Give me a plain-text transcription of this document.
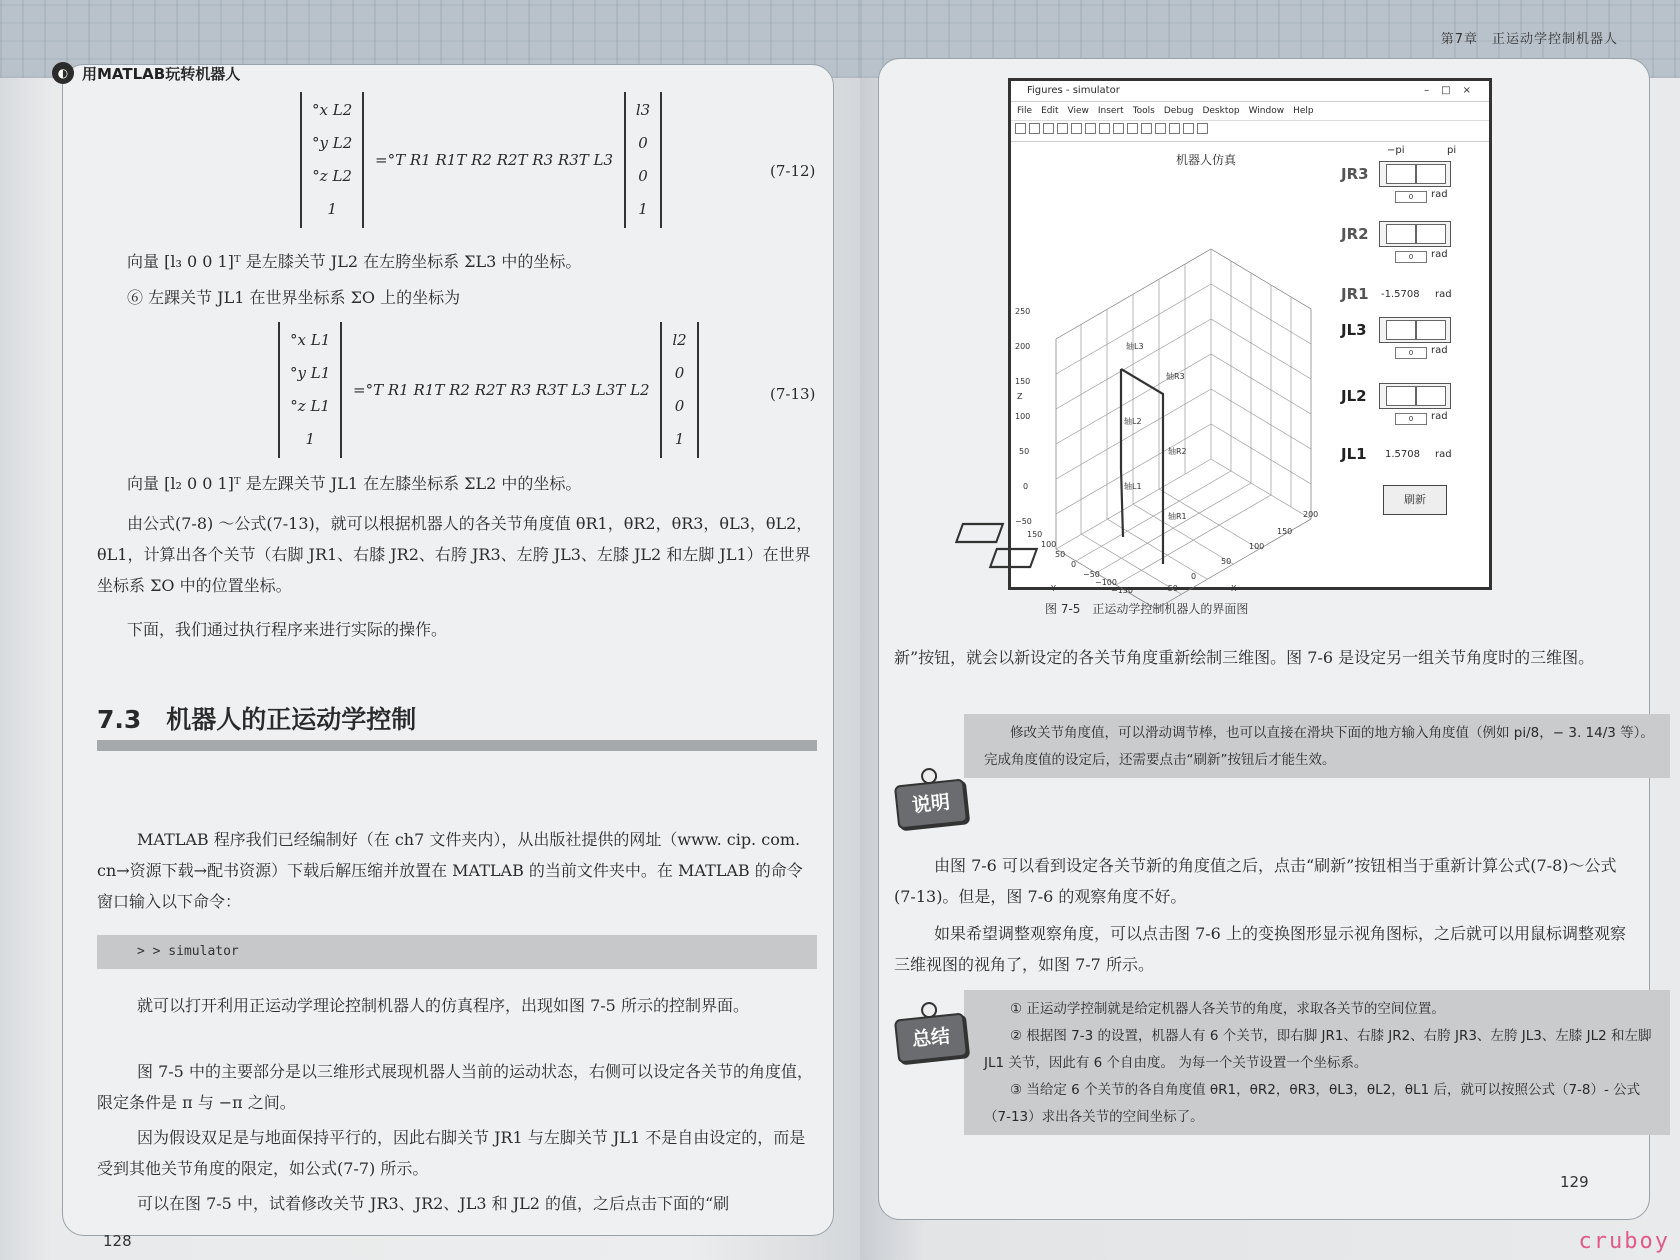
◐ 用MATLAB玩转机器人
°x L2
°y L2
°z L2
1
=°T R1 R1T R2 R2T R3 R3T L3
l3
0
0
1
(7-12)
向量 [l₃ 0 0 1]ᵀ 是左膝关节 JL2 在左胯坐标系 ΣL3 中的坐标。
⑥ 左踝关节 JL1 在世界坐标系 ΣO 上的坐标为
°x L1
°y L1
°z L1
1
=°T R1 R1T R2 R2T R3 R3T L3 L3T L2
l2
0
0
1
(7-13)
向量 [l₂ 0 0 1]ᵀ 是左踝关节 JL1 在左膝坐标系 ΣL2 中的坐标。
由公式(7-8) ～公式(7-13)，就可以根据机器人的各关节角度值 θR1，θR2，θR3，θL3，θL2，θL1，计算出各个关节（右脚 JR1、右膝 JR2、右胯 JR3、左胯 JL3、左膝 JL2 和左脚 JL1）在世界坐标系 ΣO 中的位置坐标。
下面，我们通过执行程序来进行实际的操作。
7.3　机器人的正运动学控制
MATLAB 程序我们已经编制好（在 ch7 文件夹内），从出版社提供的网址（www. cip. com. cn→资源下载→配书资源）下载后解压缩并放置在 MATLAB 的当前文件夹中。在 MATLAB 的命令窗口输入以下命令：
> > simulator
就可以打开利用正运动学理论控制机器人的仿真程序，出现如图 7-5 所示的控制界面。
图 7-5 中的主要部分是以三维形式展现机器人当前的运动状态，右侧可以设定各关节的角度值，限定条件是 π 与 −π 之间。
因为假设双足是与地面保持平行的，因此右脚关节 JR1 与左脚关节 JL1 不是自由设定的，而是受到其他关节角度的限定，如公式(7-7) 所示。
可以在图 7-5 中，试着修改关节 JR3、JR2、JL3 和 JL2 的值，之后点击下面的“刷
128
第7章　正运动学控制机器人
Figures - simulator	–□×
File Edit View Insert Tools Debug Desktop Window Help
机器人仿真
轴L3
轴R3
轴L2
轴R2
轴L1
轴R1
250
200
150
100
50
0
−50
Z
150
100
50
0
−50
−100
−150
Y	−50
0
50
100
150
200
X
−pi	pi
JR3
0	rad
JR2
0	rad
JR1 -1.5708 rad
JL3
0	rad
JL2
0	rad
JL1 1.5708 rad
刷新
图 7-5　正运动学控制机器人的界面图
新”按钮，就会以新设定的各关节角度重新绘制三维图。图 7-6 是设定另一组关节角度时的三维图。

修改关节角度值，可以滑动调节棒，也可以直接在滑块下面的地方输入角度值（例如 pi/8，− 3. 14/3 等）。 完成角度值的设定后，还需要点击“刷新”按钮后才能生效。

说明
由图 7-6 可以看到设定各关节新的角度值之后，点击“刷新”按钮相当于重新计算公式(7-8)～公式(7-13)。但是，图 7-6 的观察角度不好。
如果希望调整观察角度，可以点击图 7-6 上的变换图形显示视角图标，之后就可以用鼠标调整观察三维视图的视角了，如图 7-7 所示。

① 正运动学控制就是给定机器人各关节的角度，求取各关节的空间位置。

② 根据图 7-3 的设置，机器人有 6 个关节，即右脚 JR1、右膝 JR2、右胯 JR3、左胯 JL3、左膝 JL2 和左脚 JL1 关节，因此有 6 个自由度。 为每一个关节设置一个坐标系。

③ 当给定 6 个关节的各自角度值 θR1，θR2，θR3，θL3，θL2，θL1 后，就可以按照公式（7-8）- 公式（7-13）求出各关节的空间坐标了。

总结
129
cruboy
